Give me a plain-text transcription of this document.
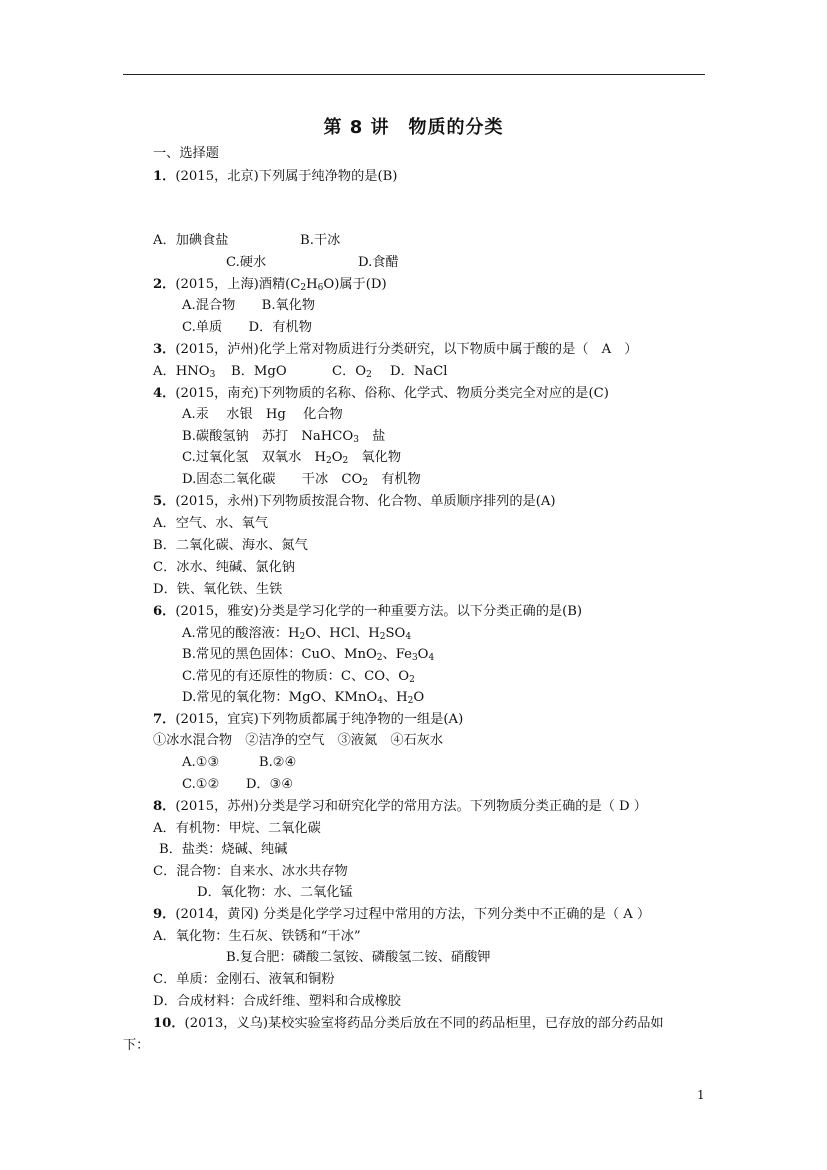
第 8 讲　物质的分类
一、选择题
1．(2015，北京)下列属于纯净物的是(B)
A．加碘食盐	B.干冰
C.硬水	D.食醋
2．(2015，上海)酒精$(C_2H_6O)$属于(D)
A.混合物　　B.氧化物
C.单质　　D．有机物
3．(2015，泸州)化学上常对物质进行分类研究，以下物质中属于酸的是（　A　）
A．$HNO_3$ B．MgO	C．$O_2$ D．NaCl
4．(2015，南充)下列物质的名称、俗称、化学式、物质分类完全对应的是(C)
A.汞　 水银　Hg　 化合物
B.碳酸氢钠　苏打　NaHCO$_3$　盐
C.过氧化氢　双氧水　$H_2O_2$　氧化物
D.固态二氧化碳　　干冰　$CO_2$　有机物
5．(2015，永州)下列物质按混合物、化合物、单质顺序排列的是(A)
A．空气、水、氧气
B．二氧化碳、海水、氮气
C．冰水、纯碱、氯化钠
D．铁、氧化铁、生铁
6．(2015，雅安)分类是学习化学的一种重要方法。以下分类正确的是(B)
A.常见的酸溶液：$H_2O$、HCl、$H_2SO_4$
B.常见的黑色固体：CuO、MnO$_2$、$Fe_3O_4$
C.常见的有还原性的物质：C、CO、$O_2$
D.常见的氧化物：MgO、KMnO$_4$、$H_2O$
7．(2015，宜宾)下列物质都属于纯净物的一组是(A)
①冰水混合物　②洁净的空气　③液氮　④石灰水
A.①③　　　B.②④
C.①②　　D．③④
8．(2015，苏州)分类是学习和研究化学的常用方法。下列物质分类正确的是（ D ）
A．有机物：甲烷、二氧化碳
B．盐类：烧碱、纯碱
C．混合物：自来水、冰水共存物
D．氧化物：水、二氧化锰
9．(2014，黄冈) 分类是化学学习过程中常用的方法，下列分类中不正确的是（ A ）
A．氧化物：生石灰、铁锈和“干冰”
B.复合肥：磷酸二氢铵、磷酸氢二铵、硝酸钾
C．单质：金刚石、液氧和铜粉
D．合成材料：合成纤维、塑料和合成橡胶
10．(2013，义乌)某校实验室将药品分类后放在不同的药品柜里，已存放的部分药品如
下：
1
